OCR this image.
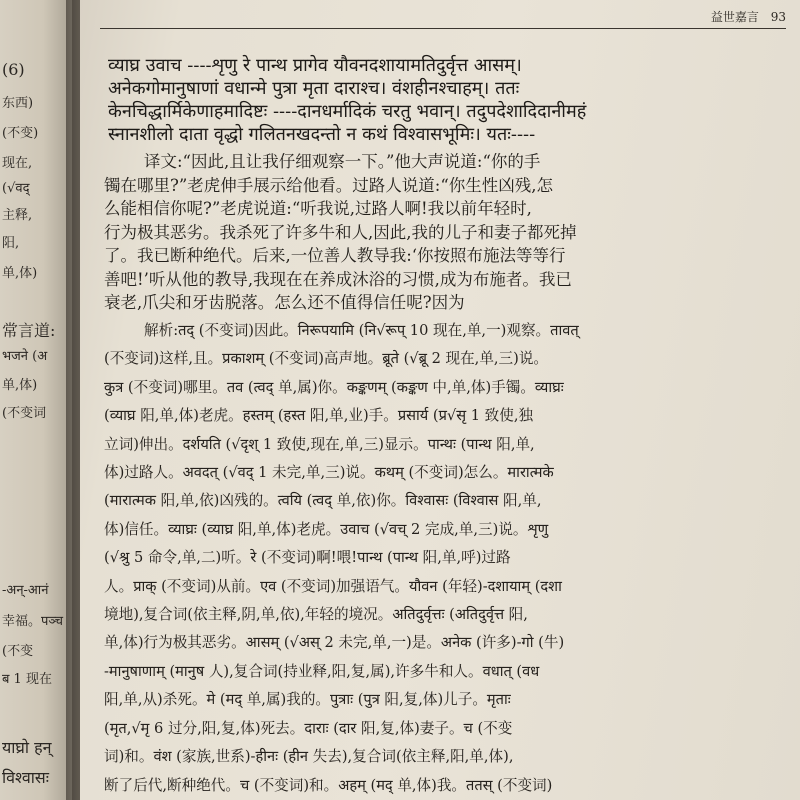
(6)
东西)
(不变)
现在,
(√वद्
主释,
阳,
单,体)
常言道:
भजने (अ
单,体)
(不变词
-अन्-आनं
幸福。पञ्च
(不变
ब 1 现在
याघ्रो हन्
विश्वासः
益世嘉言 93
व्याघ्र उवाच ----शृणु रे पान्थ प्रागेव यौवनदशायामतिदुर्वृत्त आसम्।
अनेकगोमानुषाणां वधान्मे पुत्रा मृता दाराश्च। वंशहीनश्चाहम्। ततः
केनचिद्धार्मिकेणाहमादिष्टः ----दानधर्मादिकं चरतु भवान्। तदुपदेशादिदानीमहं
स्नानशीलो दाता वृद्धो गलितनखदन्तो न कथं विश्वासभूमिः। यतः----
译文:“因此,且让我仔细观察一下。”他大声说道:“你的手
镯在哪里?”老虎伸手展示给他看。过路人说道:“你生性凶残,怎
么能相信你呢?”老虎说道:“听我说,过路人啊!我以前年轻时,
行为极其恶劣。我杀死了许多牛和人,因此,我的儿子和妻子都死掉
了。我已断种绝代。后来,一位善人教导我:‘你按照布施法等等行
善吧!’听从他的教导,我现在在养成沐浴的习惯,成为布施者。我已
衰老,爪尖和牙齿脱落。怎么还不值得信任呢?因为
解析:तद् (不变词)因此。निरूपयामि (नि√रूप् 10 现在,单,一)观察。तावत्
(不变词)这样,且。प्रकाशम् (不变词)高声地。ब्रूते (√ब्रू 2 现在,单,三)说。
कुत्र (不变词)哪里。तव (त्वद् 单,属)你。कङ्कणम् (कङ्कण 中,单,体)手镯。व्याघ्रः
(व्याघ्र 阳,单,体)老虎。हस्तम् (हस्त 阳,单,业)手。प्रसार्य (प्र√सृ 1 致使,独
立词)伸出。दर्शयति (√दृश् 1 致使,现在,单,三)显示。पान्थः (पान्थ 阳,单,
体)过路人。अवदत् (√वद् 1 未完,单,三)说。कथम् (不变词)怎么。मारात्मके
(मारात्मक 阳,单,依)凶残的。त्वयि (त्वद् 单,依)你。विश्वासः (विश्वास 阳,单,
体)信任。व्याघ्रः (व्याघ्र 阳,单,体)老虎。उवाच (√वच् 2 完成,单,三)说。शृणु
(√श्रु 5 命令,单,二)听。रे (不变词)啊!喂!पान्थ (पान्थ 阳,单,呼)过路
人。प्राक् (不变词)从前。एव (不变词)加强语气。यौवन (年轻)-दशायाम् (दशा
境地),复合词(依主释,阴,单,依),年轻的境况。अतिदुर्वृत्तः (अतिदुर्वृत्त 阳,
单,体)行为极其恶劣。आसम् (√अस् 2 未完,单,一)是。अनेक (许多)-गो (牛)
-मानुषाणाम् (मानुष 人),复合词(持业释,阳,复,属),许多牛和人。वधात् (वध
阳,单,从)杀死。मे (मद् 单,属)我的。पुत्राः (पुत्र 阳,复,体)儿子。मृताः
(मृत,√मृ 6 过分,阳,复,体)死去。दाराः (दार 阳,复,体)妻子。च (不变
词)和。वंश (家族,世系)-हीनः (हीन 失去),复合词(依主释,阳,单,体),
断了后代,断种绝代。च (不变词)和。अहम् (मद् 单,体)我。ततस् (不变词)
